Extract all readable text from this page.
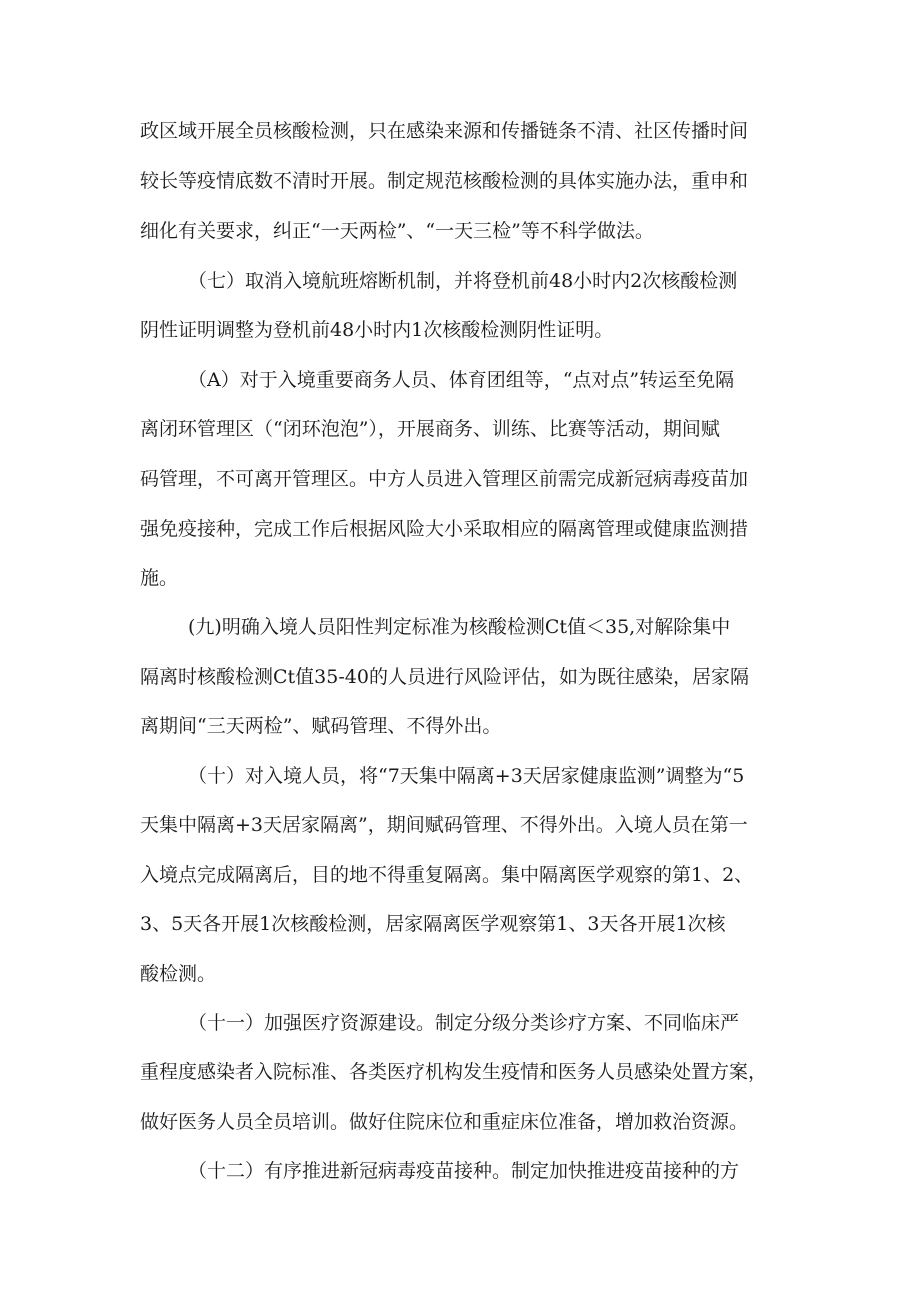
政区域开展全员核酸检测，只在感染来源和传播链条不清、社区传播时间

较长等疫情底数不清时开展。制定规范核酸检测的具体实施办法，重申和

细化有关要求，纠正“一天两检”、“一天三检”等不科学做法。

（七）取消入境航班熔断机制，并将登机前48小时内2次核酸检测

阴性证明调整为登机前48小时内1次核酸检测阴性证明。

（A）对于入境重要商务人员、体育团组等，“点对点”转运至免隔

离闭环管理区（“闭环泡泡”），开展商务、训练、比赛等活动，期间赋

码管理，不可离开管理区。中方人员进入管理区前需完成新冠病毒疫苗加

强免疫接种，完成工作后根据风险大小采取相应的隔离管理或健康监测措

施。

(九)明确入境人员阳性判定标准为核酸检测Ct值＜35,对解除集中

隔离时核酸检测Ct值35-40的人员进行风险评估，如为既往感染，居家隔

离期间“三天两检”、赋码管理、不得外出。

（十）对入境人员，将“7天集中隔离+3天居家健康监测”调整为“5

天集中隔离+3天居家隔离”，期间赋码管理、不得外出。入境人员在第一

入境点完成隔离后，目的地不得重复隔离。集中隔离医学观察的第1、2、

3、5天各开展1次核酸检测，居家隔离医学观察第1、3天各开展1次核

酸检测。

（十一）加强医疗资源建设。制定分级分类诊疗方案、不同临床严

重程度感染者入院标准、各类医疗机构发生疫情和医务人员感染处置方案，

做好医务人员全员培训。做好住院床位和重症床位准备，增加救治资源。

（十二）有序推进新冠病毒疫苗接种。制定加快推进疫苗接种的方
